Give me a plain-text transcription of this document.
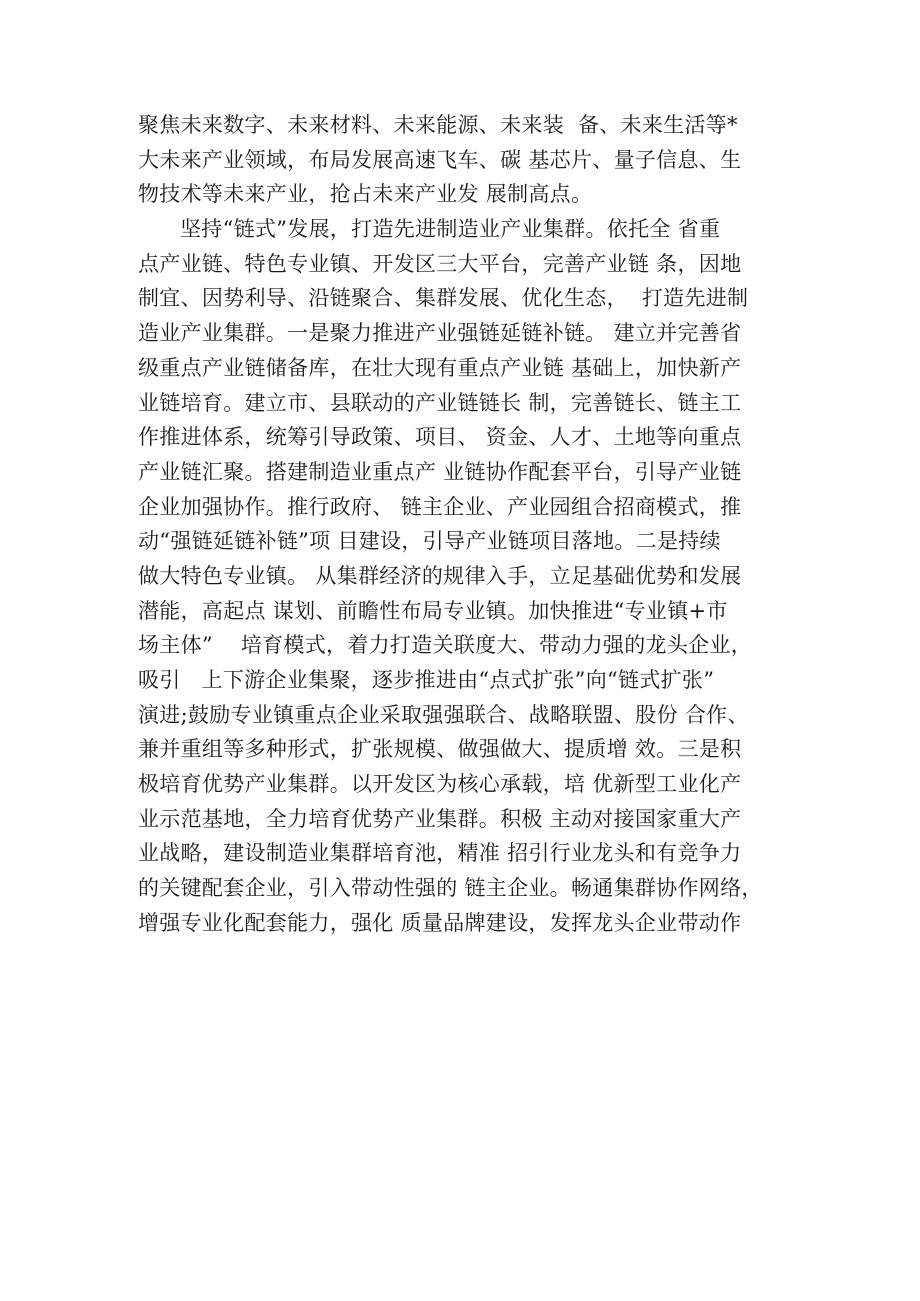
聚焦未来数字、未来材料、未来能源、未来装  备、未来生活等*
大未来产业领域，布局发展高速飞车、碳 基芯片、量子信息、生
物技术等未来产业，抢占未来产业发 展制高点。
坚持“链式”发展，打造先进制造业产业集群。依托全 省重
点产业链、特色专业镇、开发区三大平台，完善产业链 条，因地
制宜、因势利导、沿链聚合、集群发展、优化生态，  打造先进制
造业产业集群。一是聚力推进产业强链延链补链。 建立并完善省
级重点产业链储备库，在壮大现有重点产业链 基础上，加快新产
业链培育。建立市、县联动的产业链链长 制，完善链长、链主工
作推进体系，统筹引导政策、项目、 资金、人才、土地等向重点
产业链汇聚。搭建制造业重点产 业链协作配套平台，引导产业链
企业加强协作。推行政府、 链主企业、产业园组合招商模式，推
动“强链延链补链”项 目建设，引导产业链项目落地。二是持续
做大特色专业镇。 从集群经济的规律入手，立足基础优势和发展
潜能，高起点 谋划、前瞻性布局专业镇。加快推进“专业镇+市
场主体”    培育模式，着力打造关联度大、带动力强的龙头企业，
吸引   上下游企业集聚，逐步推进由“点式扩张”向“链式扩张”
演进;鼓励专业镇重点企业采取强强联合、战略联盟、股份 合作、
兼并重组等多种形式，扩张规模、做强做大、提质增 效。三是积
极培育优势产业集群。以开发区为核心承载，培 优新型工业化产
业示范基地，全力培育优势产业集群。积极 主动对接国家重大产
业战略，建设制造业集群培育池，精准 招引行业龙头和有竞争力
的关键配套企业，引入带动性强的 链主企业。畅通集群协作网络，
增强专业化配套能力，强化 质量品牌建设，发挥龙头企业带动作
